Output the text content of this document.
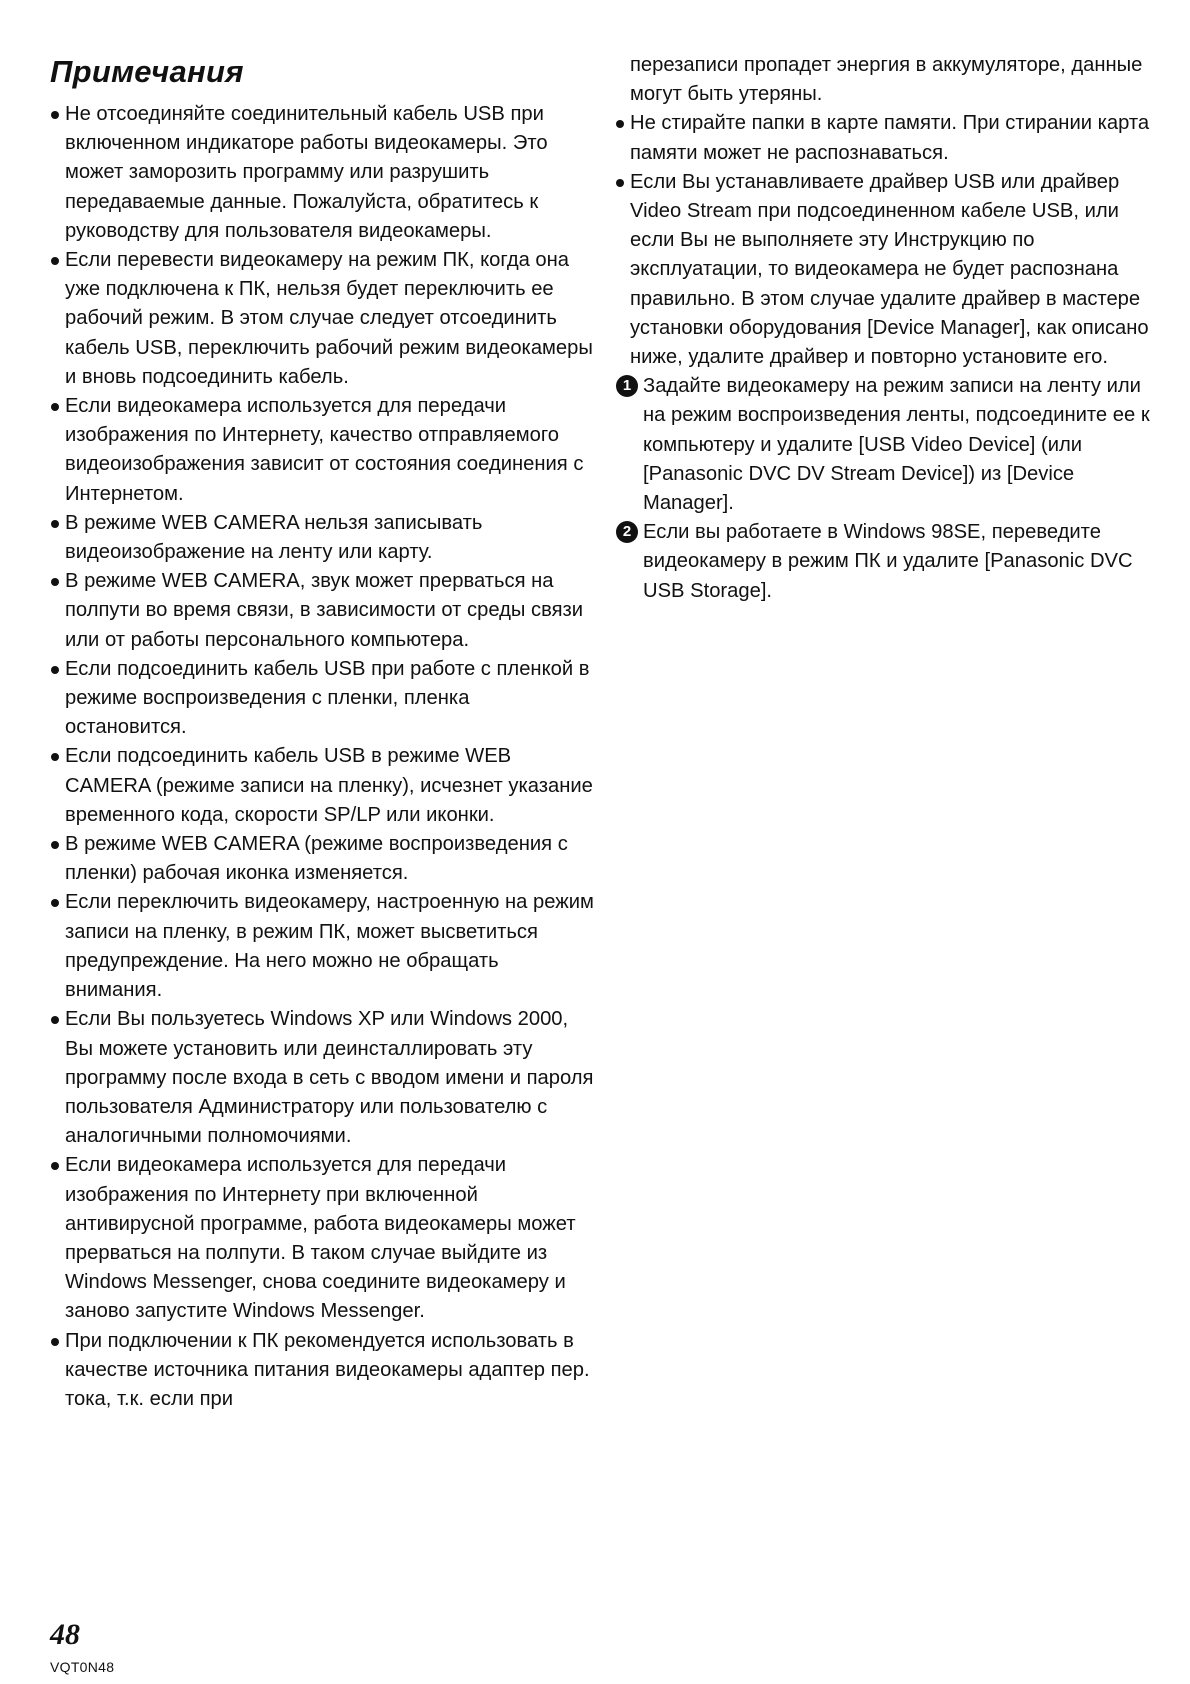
Примечания
Не отсоединяйте соединительный кабель USB при включенном индикаторе работы видеокамеры. Это может заморозить программу или разрушить передаваемые данные. Пожалуйста, обратитесь к руководству для пользователя видеокамеры.
Если перевести видеокамеру на режим ПК, когда она уже подключена к ПК, нельзя будет переключить ее рабочий режим. В этом случае следует отсоединить кабель USB, переключить рабочий режим видеокамеры и вновь подсоединить кабель.
Если видеокамера используется для передачи изображения по Интернету, качество отправляемого видеоизображения зависит от состояния соединения с Интернетом.
В режиме WEB CAMERA нельзя записывать видеоизображение на ленту или карту.
В режиме WEB CAMERA, звук может прерваться на полпути во время связи, в зависимости от среды связи или от работы персонального компьютера.
Если подсоединить кабель USB при работе с пленкой в режиме воспроизведения с пленки, пленка остановится.
Если подсоединить кабель USB в режиме WEB CAMERA (режиме записи на пленку), исчезнет указание временного кода, скорости SP/LP или иконки.
В режиме WEB CAMERA (режиме воспроизведения с пленки) рабочая иконка изменяется.
Если переключить видеокамеру, настроенную на режим записи на пленку, в режим ПК, может высветиться предупреждение. На него можно не обращать внимания.
Если Вы пользуетесь Windows XP или Windows 2000, Вы можете установить или деинсталлировать эту программу после входа в сеть с вводом имени и пароля пользователя Администратору или пользователю с аналогичными полномочиями.
Если видеокамера используется для передачи изображения по Интернету при включенной антивирусной программе, работа видеокамеры может прерваться на полпути. В таком случае выйдите из Windows Messenger, снова соедините видеокамеру и заново запустите Windows Messenger.
При подключении к ПК рекомендуется использовать в качестве источника питания видеокамеры адаптер пер. тока, т.к. если при

перезаписи пропадет энергия в аккумуляторе, данные могут быть утеряны.

Не стирайте папки в карте памяти. При стирании карта памяти может не распознаваться.
Если Вы устанавливаете драйвер USB или драйвер Video Stream при подсоединенном кабеле USB, или если Вы не выполняете эту Инструкцию по эксплуатации, то видеокамера не будет распознана правильно. В этом случае удалите драйвер в мастере установки оборудования [Device Manager], как описано ниже, удалите драйвер и повторно установите его.
1 Задайте видеокамеру на режим записи на ленту или на режим воспроизведения ленты, подсоедините ее к компьютеру и удалите [USB Video Device] (или [Panasonic DVC DV Stream Device]) из [Device Manager].
2 Если вы работаете в Windows 98SE, переведите видеокамеру в режим ПК и удалите [Panasonic DVC USB Storage].
48
VQT0N48
